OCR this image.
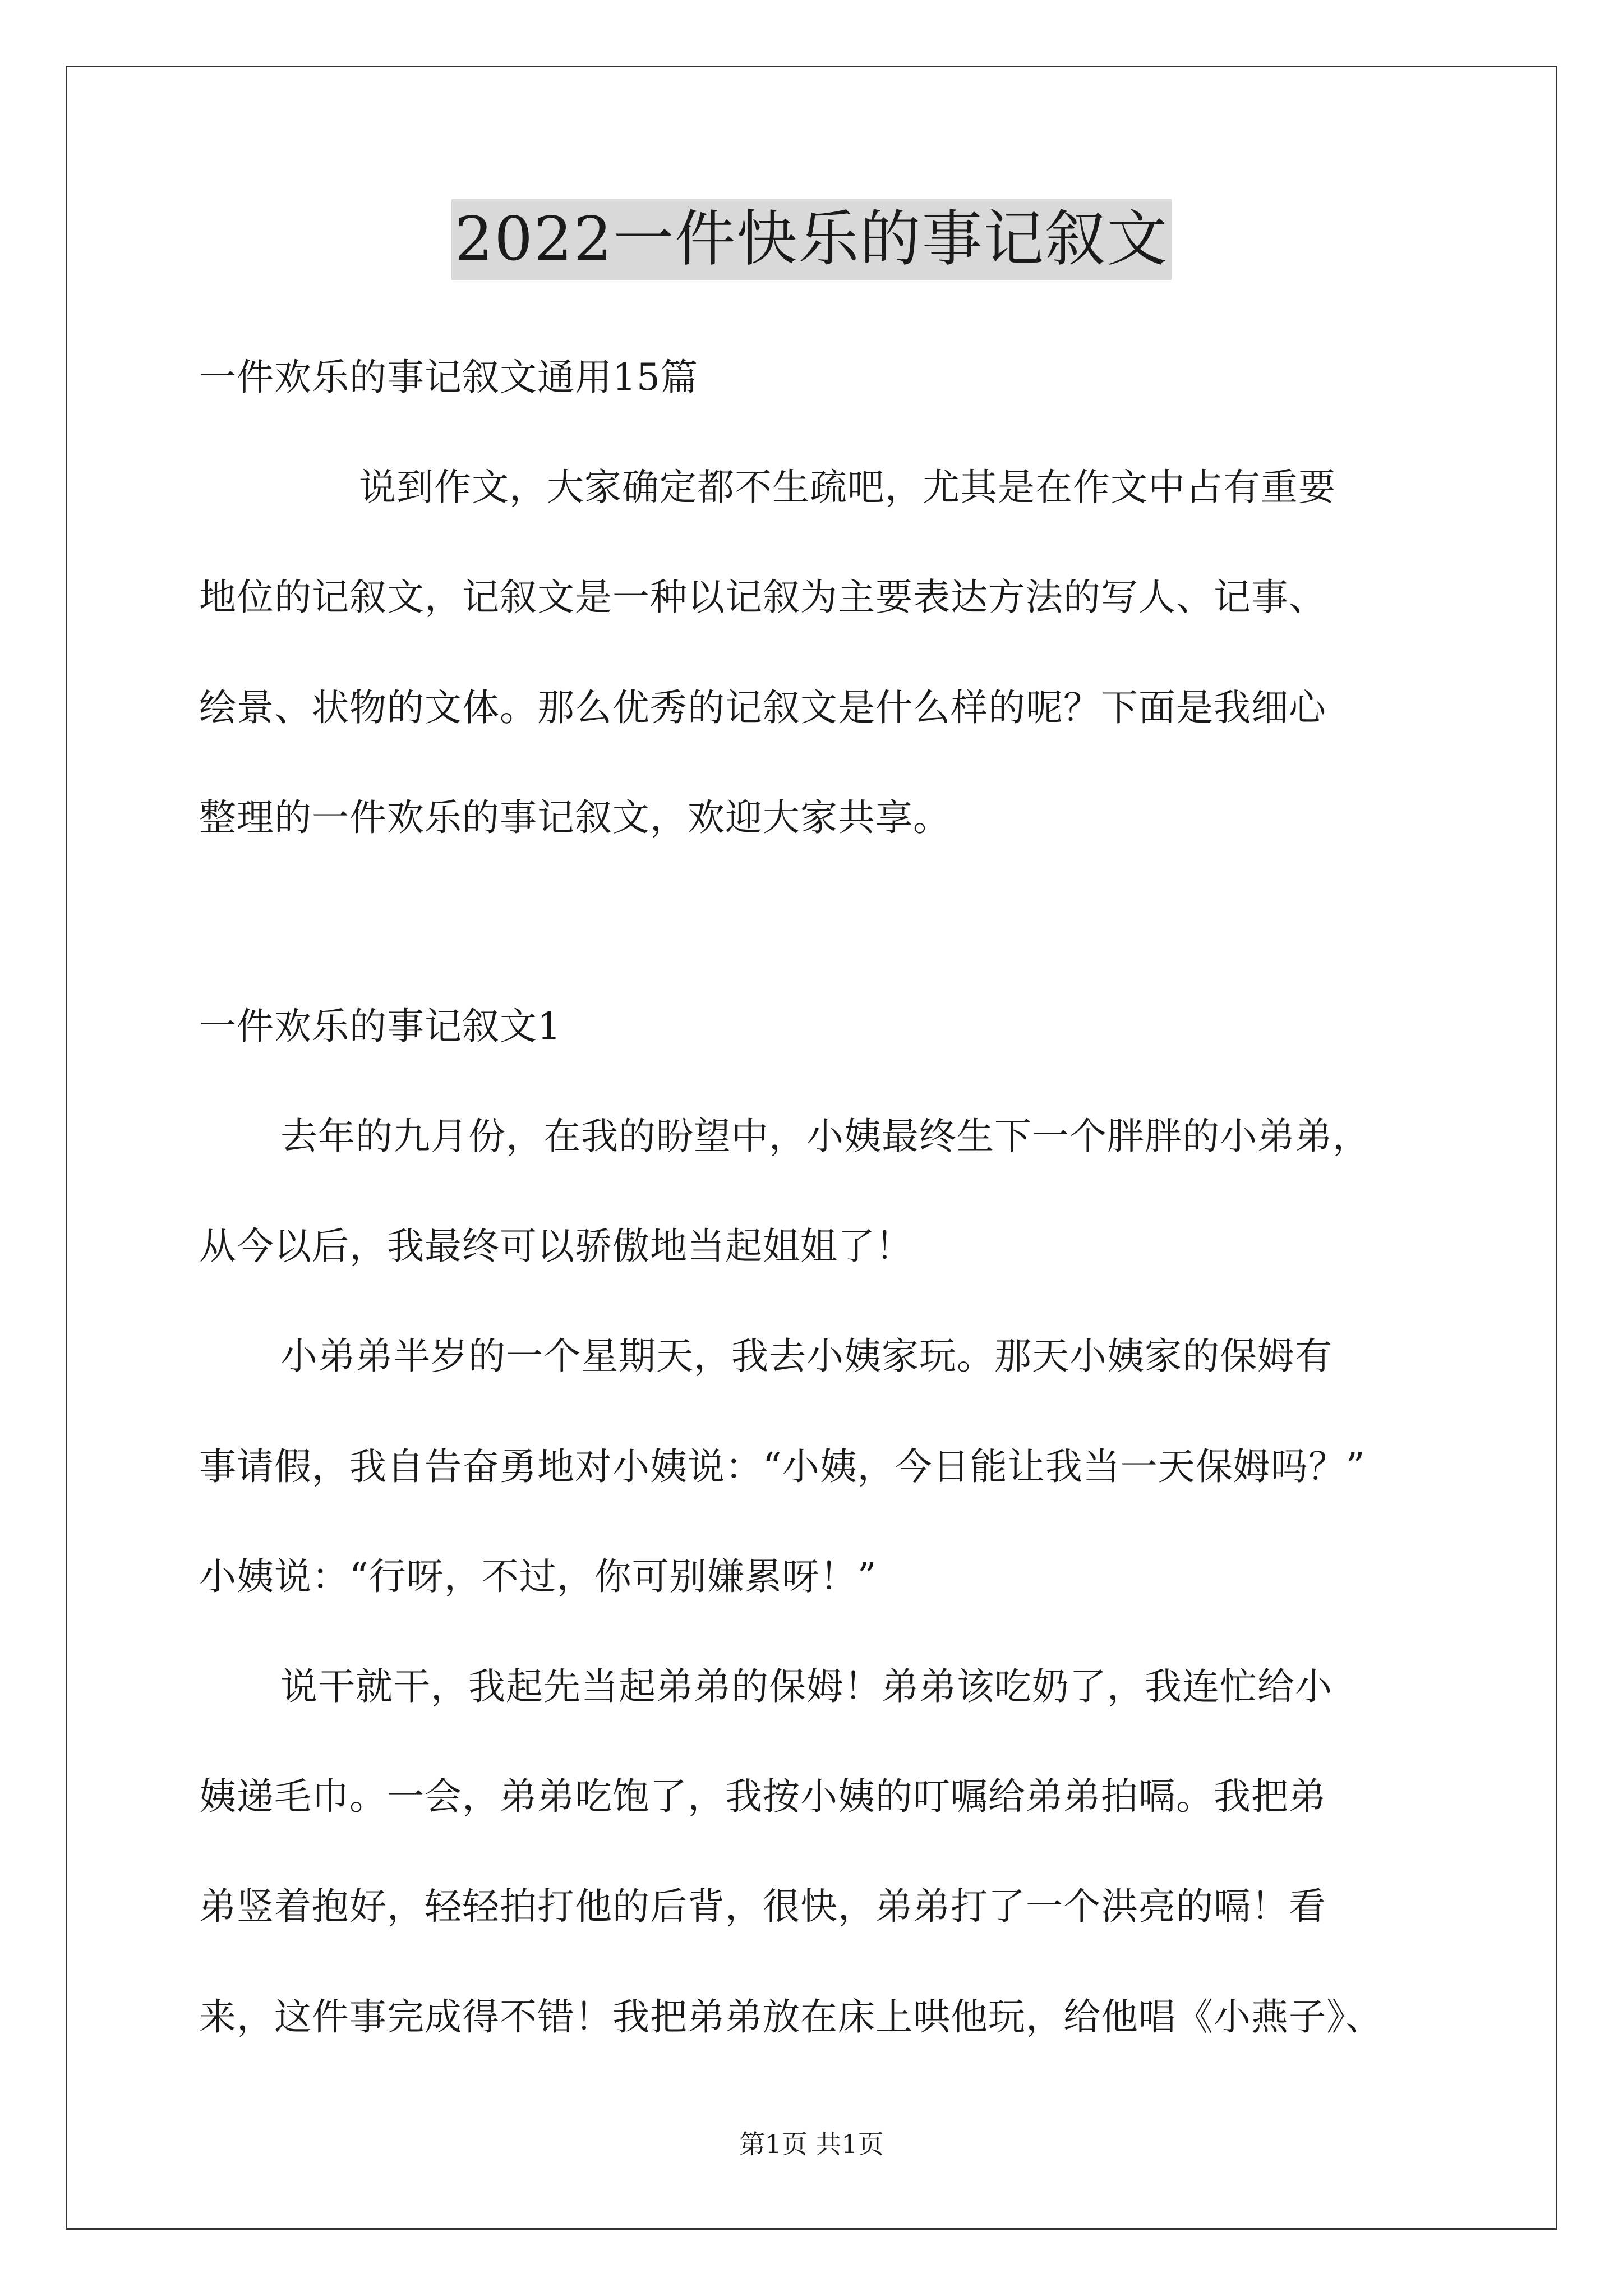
2022一件快乐的事记叙文
一件欢乐的事记叙文通用15篇
说到作文，大家确定都不生疏吧，尤其是在作文中占有重要
地位的记叙文，记叙文是一种以记叙为主要表达方法的写人、记事、
绘景、状物的文体。那么优秀的记叙文是什么样的呢？下面是我细心
整理的一件欢乐的事记叙文，欢迎大家共享。
一件欢乐的事记叙文1
去年的九月份，在我的盼望中，小姨最终生下一个胖胖的小弟弟，
从今以后，我最终可以骄傲地当起姐姐了！
小弟弟半岁的一个星期天，我去小姨家玩。那天小姨家的保姆有
事请假，我自告奋勇地对小姨说：“小姨，今日能让我当一天保姆吗？”
小姨说：“行呀，不过，你可别嫌累呀！”
说干就干，我起先当起弟弟的保姆！弟弟该吃奶了，我连忙给小
姨递毛巾。一会，弟弟吃饱了，我按小姨的叮嘱给弟弟拍嗝。我把弟
弟竖着抱好，轻轻拍打他的后背，很快，弟弟打了一个洪亮的嗝！看
来，这件事完成得不错！我把弟弟放在床上哄他玩，给他唱《小燕子》、
第1页 共1页
